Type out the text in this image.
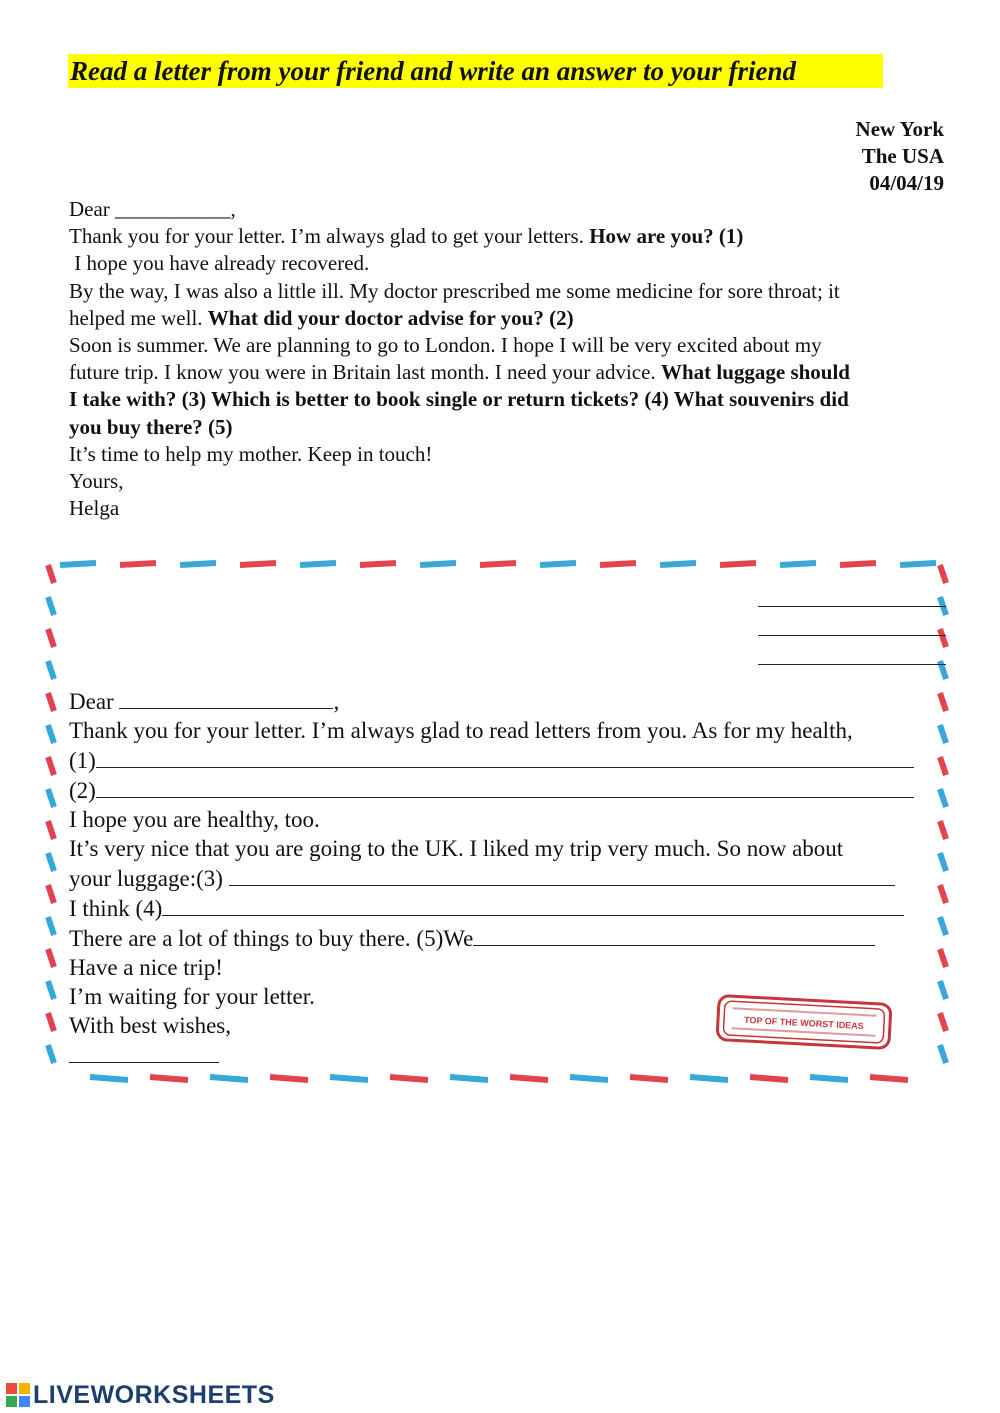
Read a letter from your friend and write an answer to your friend
New York
The USA
04/04/19

Dear ___________,

Thank you for your letter. I’m always glad to get your letters. How are you? (1)

I hope you have already recovered.

By the way, I was also a little ill. My doctor prescribed me some medicine for sore throat; it

helped me well. What did your doctor advise for you? (2)

Soon is summer. We are planning to go to London. I hope I will be very excited about my

future trip. I know you were in Britain last month. I need your advice. What luggage should

I take with? (3) Which is better to book single or return tickets? (4) What souvenirs did

you buy there? (5)

It’s time to help my mother. Keep in touch!

Yours,

Helga

Dear	,

Thank you for your letter. I’m always glad to read letters from you. As for my health,

(1)

(2)

I hope you are healthy, too.

It’s very nice that you are going to the UK. I liked my trip very much. So now about

your luggage:(3)

I think (4)

There are a lot of things to buy there. (5)We

Have a nice trip!

I’m waiting for your letter.

With best wishes,	TOP OF THE WORST IDEAS
LIVEWORKSHEETS
